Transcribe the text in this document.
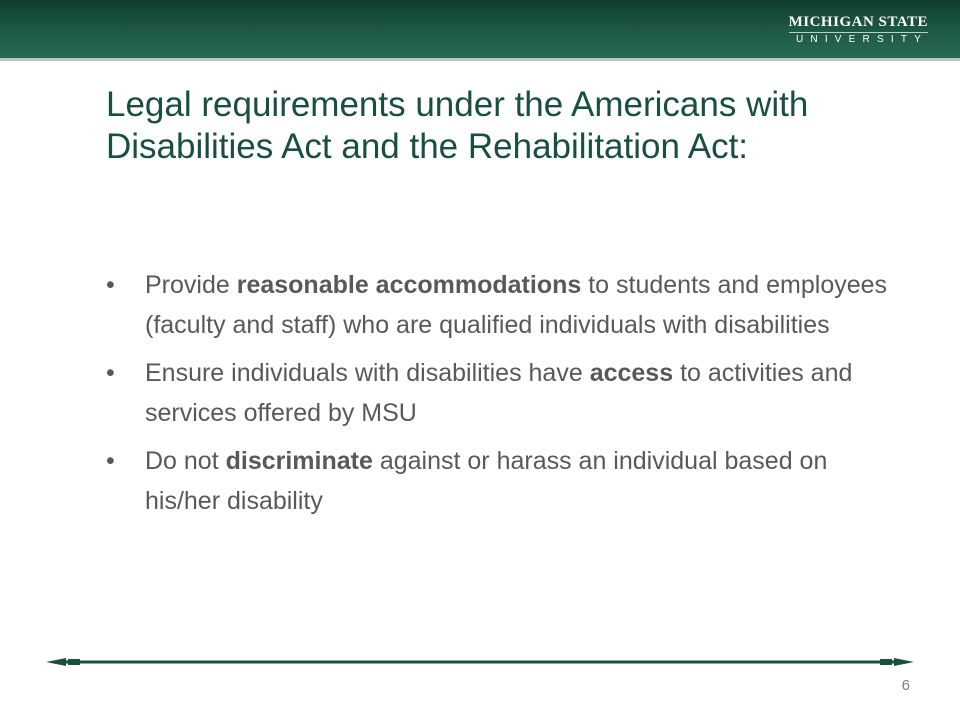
MICHIGAN STATE
UNIVERSITY
Legal requirements under the Americans with Disabilities Act and the Rehabilitation Act:
• Provide reasonable accommodations to students and employees (faculty and staff) who are qualified individuals with disabilities
• Ensure individuals with disabilities have access to activities and services offered by MSU
• Do not discriminate against or harass an individual based on his/her disability
6
